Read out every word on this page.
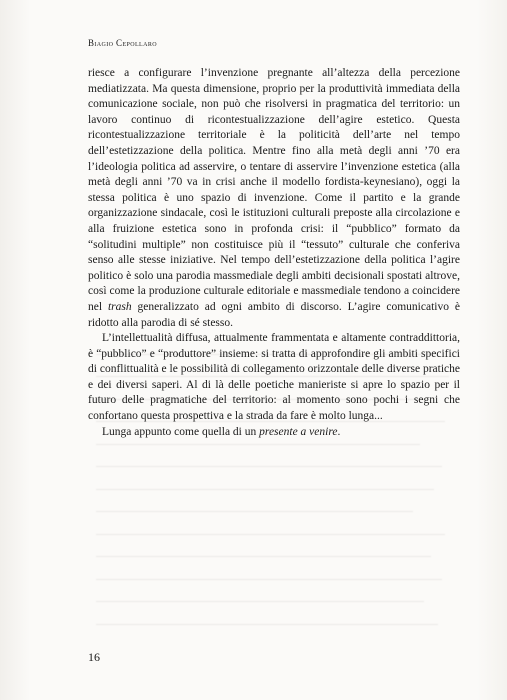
Biagio Cepollaro

riesce a configurare l’invenzione pregnante all’altezza della percezione mediatizzata. Ma questa dimensione, proprio per la produttività immediata della comunicazione sociale, non può che risolversi in pragmatica del territorio: un lavoro continuo di ricontestualizzazione dell’agire estetico. Questa ricontestualizzazione territoriale è la politicità dell’arte nel tempo dell’estetizzazione della politica. Mentre fino alla metà degli anni ’70 era l’ideologia politica ad asservire, o tentare di asservire l’invenzione estetica (alla metà degli anni ’70 va in crisi anche il modello fordista-keynesiano), oggi la stessa politica è uno spazio di invenzione. Come il partito e la grande organizzazione sindacale, così le istituzioni culturali preposte alla circolazione e alla fruizione estetica sono in profonda crisi: il “pubblico” formato da “solitudini multiple” non costituisce più il “tessuto” culturale che conferiva senso alle stesse iniziative. Nel tempo dell’estetizzazione della politica l’agire politico è solo una parodia massmediale degli ambiti decisionali spostati altrove, così come la produzione culturale editoriale e massmediale tendono a coincidere nel trash generalizzato ad ogni ambito di discorso. L’agire comunicativo è ridotto alla parodia di sé stesso.

L’intellettualità diffusa, attualmente frammentata e altamente contraddittoria, è “pubblico” e “produttore” insieme: si tratta di approfondire gli ambiti specifici di conflittualità e le possibilità di collegamento orizzontale delle diverse pratiche e dei diversi saperi. Al di là delle poetiche manieriste si apre lo spazio per il futuro delle pragmatiche del territorio: al momento sono pochi i segni che confortano questa prospettiva e la strada da fare è molto lunga...

Lunga appunto come quella di un presente a venire.

16
